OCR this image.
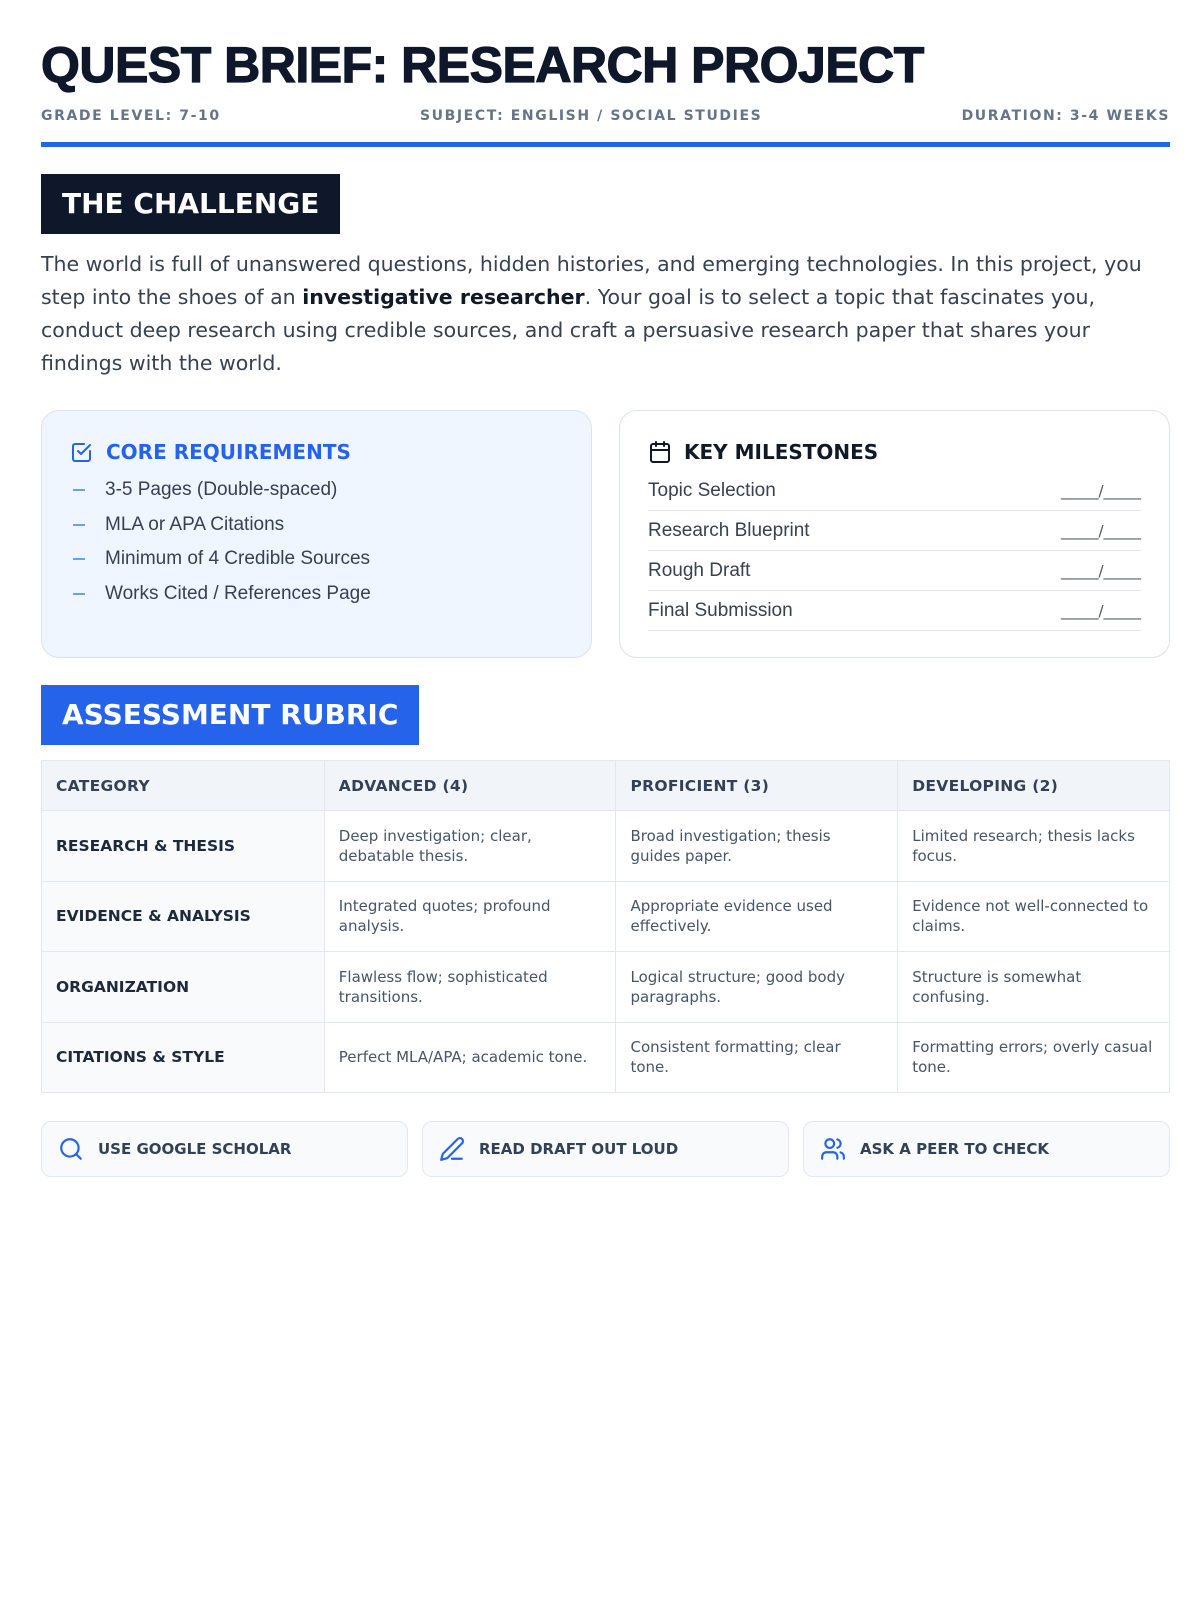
QUEST BRIEF: RESEARCH PROJECT
GRADE LEVEL: 7-10	SUBJECT: ENGLISH / SOCIAL STUDIES	DURATION: 3-4 WEEKS
THE CHALLENGE

The world is full of unanswered questions, hidden histories, and emerging technologies. In this project, you step into the shoes of an investigative researcher. Your goal is to select a topic that fascinates you, conduct deep research using credible sources, and craft a persuasive research paper that shares your findings with the world.

CORE REQUIREMENTS
3-5 Pages (Double-spaced)
MLA or APA Citations
Minimum of 4 Credible Sources
Works Cited / References Page
KEY MILESTONES
Topic Selection	_____/_____
Research Blueprint	_____/_____
Rough Draft	_____/_____
Final Submission	_____/_____
ASSESSMENT RUBRIC
CATEGORY	ADVANCED (4)	PROFICIENT (3)	DEVELOPING (2)
RESEARCH & THESIS	Deep investigation; clear, debatable thesis.	Broad investigation; thesis guides paper.	Limited research; thesis lacks focus.
EVIDENCE & ANALYSIS	Integrated quotes; profound analysis.	Appropriate evidence used effectively.	Evidence not well-connected to claims.
ORGANIZATION	Flawless flow; sophisticated transitions.	Logical structure; good body paragraphs.	Structure is somewhat confusing.
CITATIONS & STYLE	Perfect MLA/APA; academic tone.	Consistent formatting; clear tone.	Formatting errors; overly casual tone.
USE GOOGLE SCHOLAR	READ DRAFT OUT LOUD	ASK A PEER TO CHECK
